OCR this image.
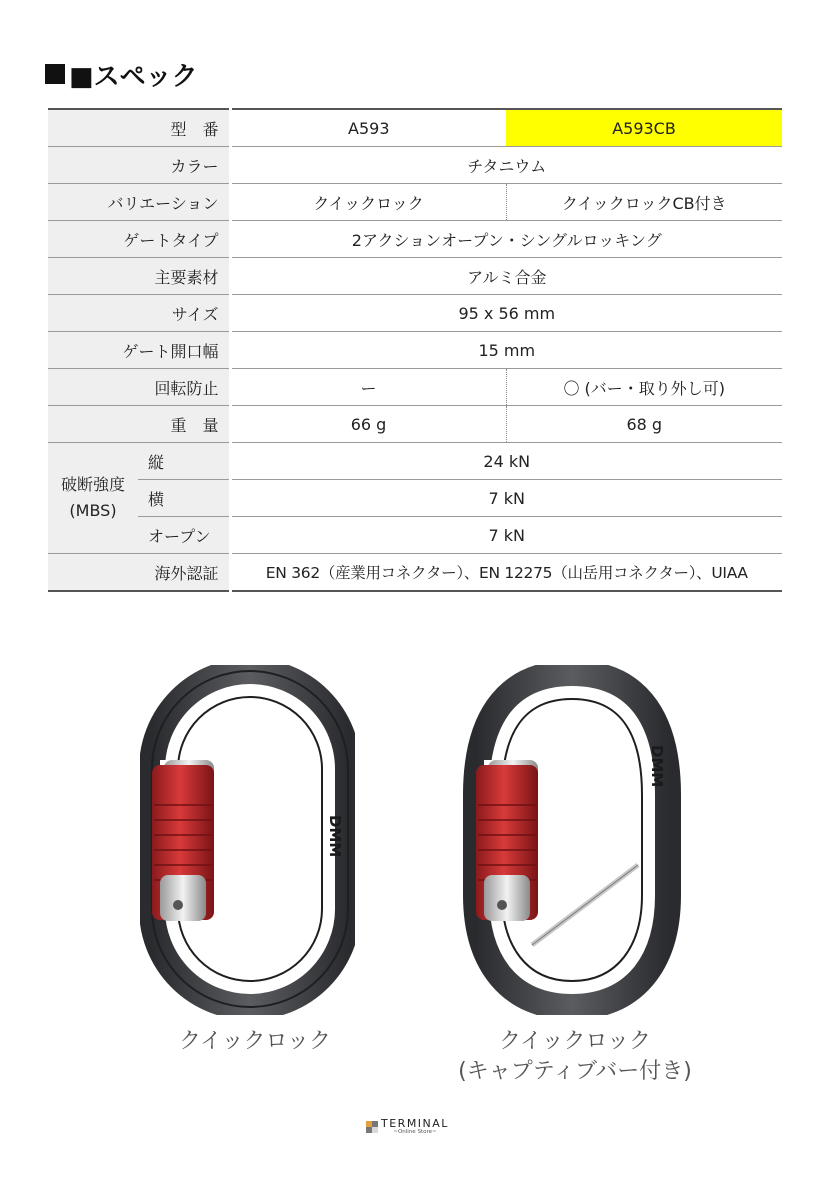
■スペック
型　番		A593	A593CB
カラー		チタニウム	
バリエーション		クイックロック	クイックロックCB付き
ゲートタイプ		2アクションオープン・シングルロッキング	
主要素材		アルミ合金	
サイズ		95 x 56 mm	
ゲート開口幅		15 mm	
回転防止		ー	〇 (バー・取り外し可)
重　量		66 g	68 g
破断強度
(MBS)	縦	24 kN	
	横	7 kN	
	オープン	7 kN	
海外認証		EN 362（産業用コネクター）、EN 12275（山岳用コネクター）、UIAA	
DMM
DMM
クイックロック	クイックロック
(キャプティブバー付き)
TERMINAL
~Online Store~
